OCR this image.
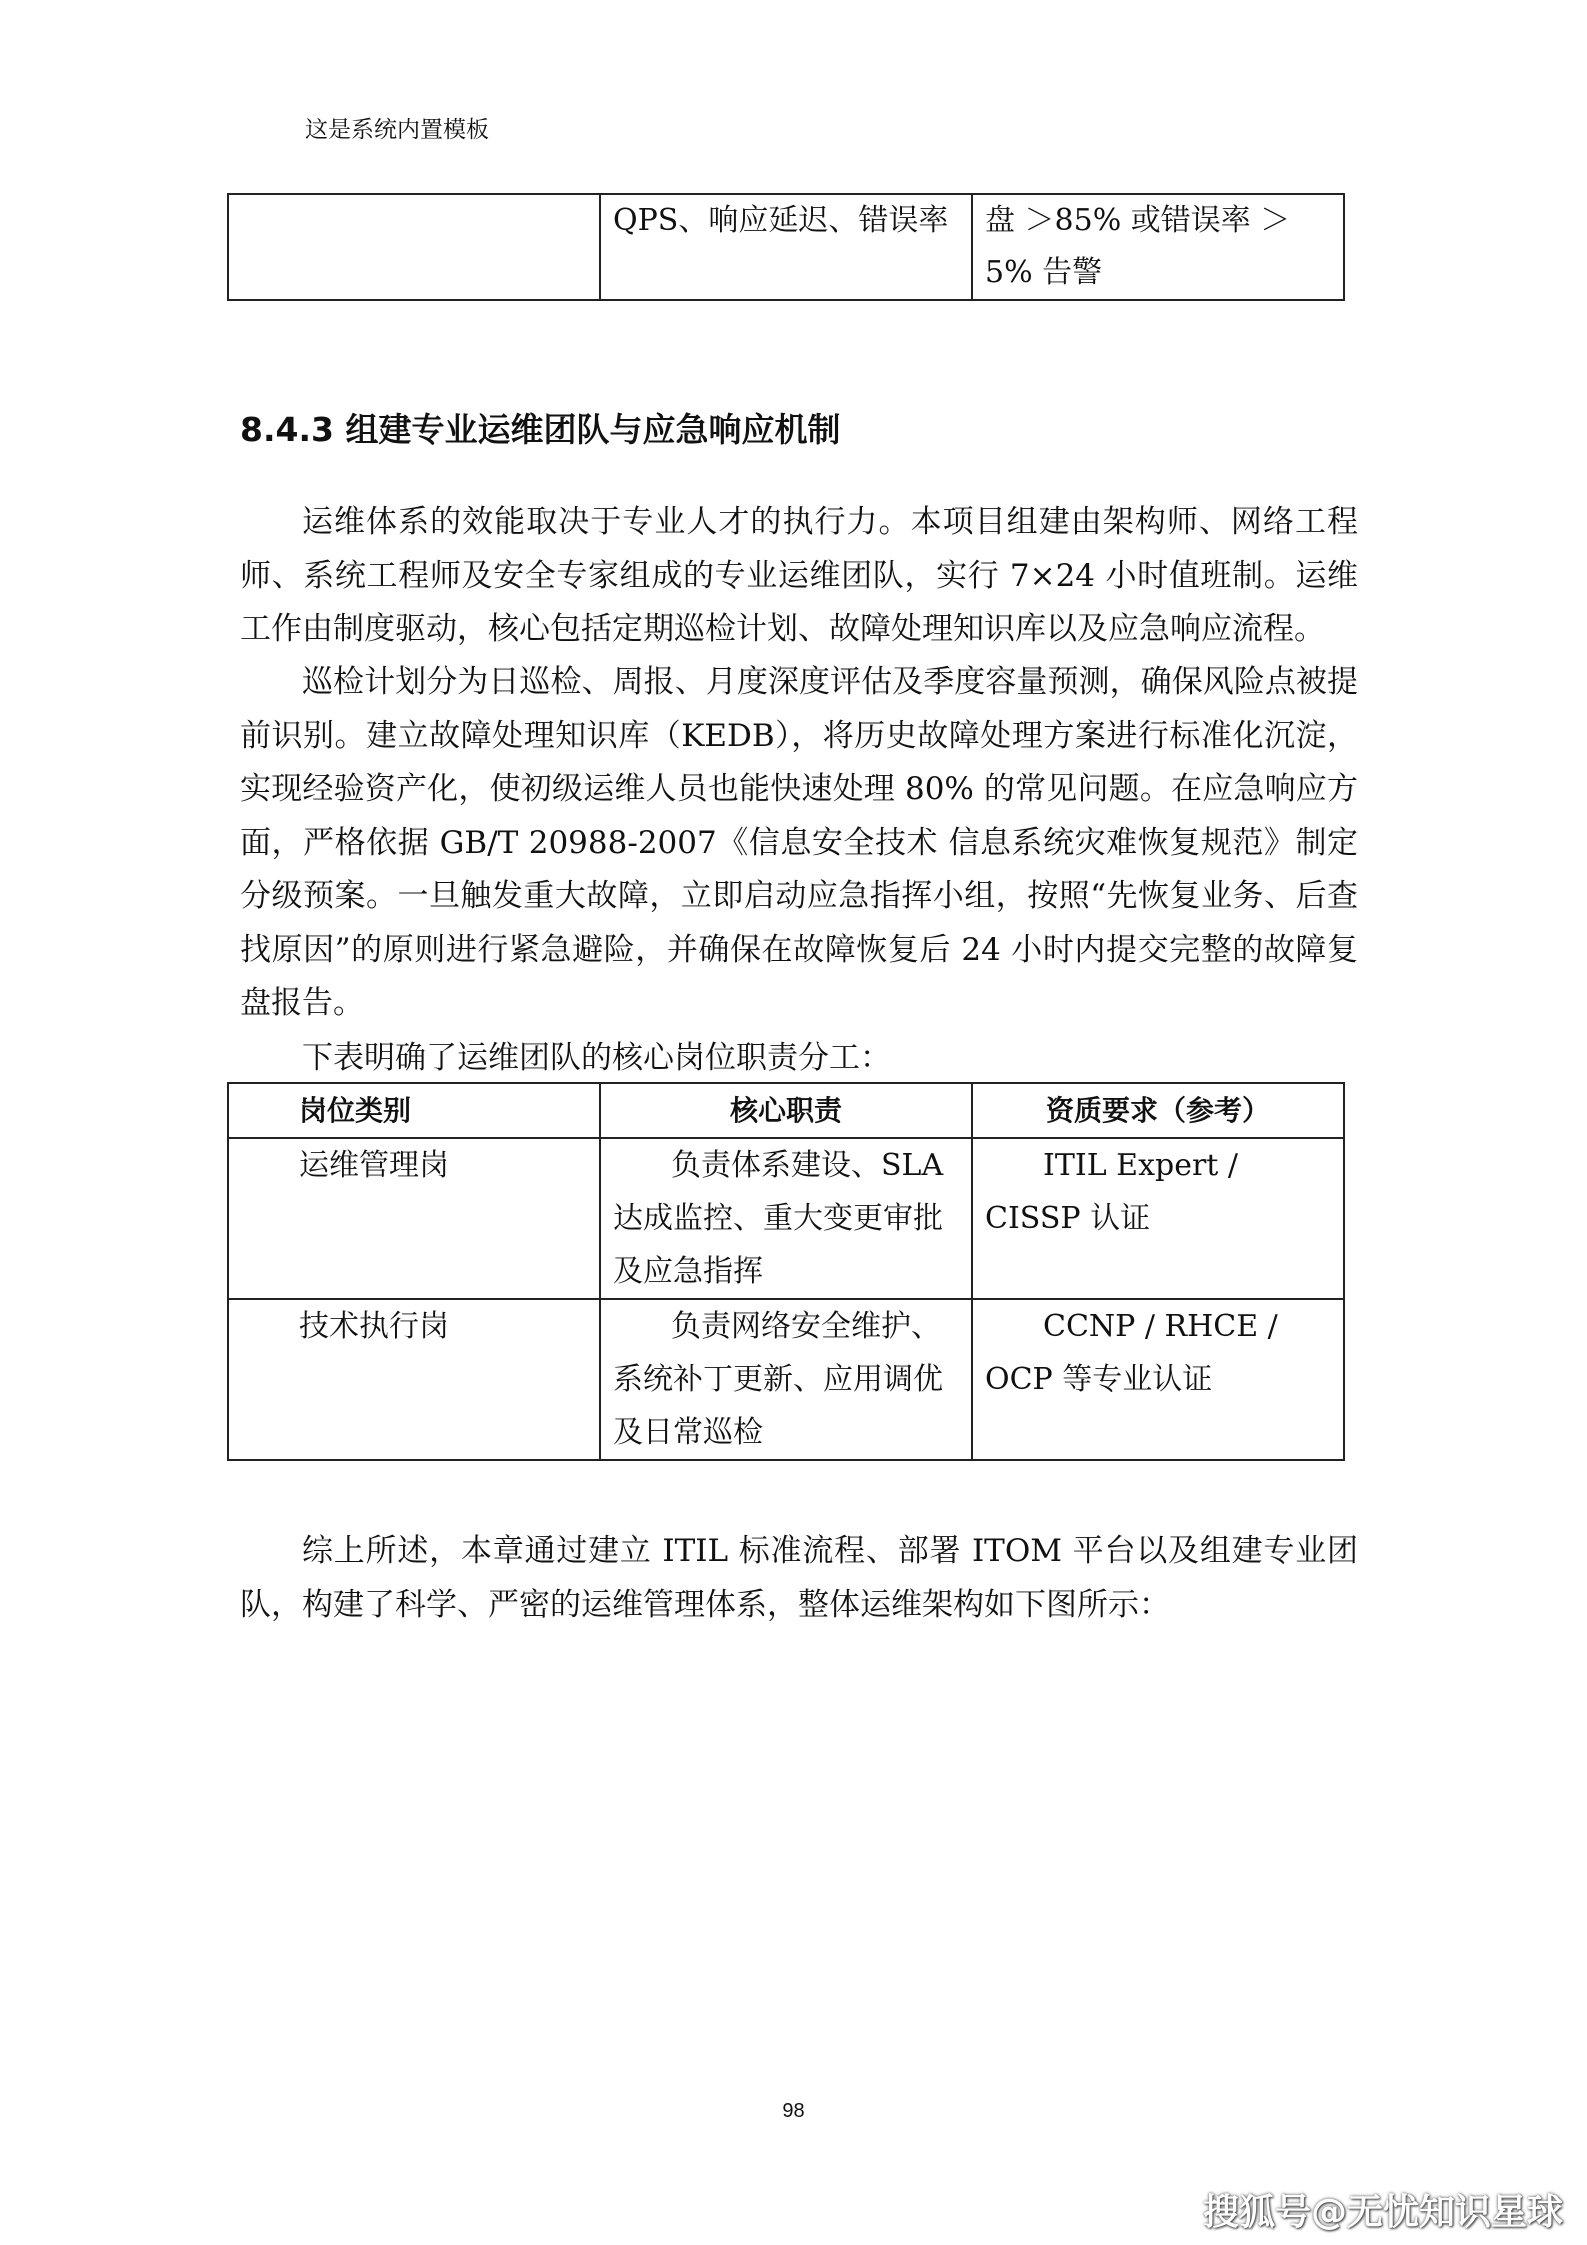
这是系统内置模板
	QPS、响应延迟、错误率	盘 ＞85% 或错误率 ＞5% 告警
8.4.3 组建专业运维团队与应急响应机制

运维体系的效能取决于专业人才的执行力。本项目组建由架构师、网络工程师、系统工程师及安全专家组成的专业运维团队，实行 7×24 小时值班制。运维工作由制度驱动，核心包括定期巡检计划、故障处理知识库以及应急响应流程。

巡检计划分为日巡检、周报、月度深度评估及季度容量预测，确保风险点被提前识别。建立故障处理知识库（KEDB），将历史故障处理方案进行标准化沉淀，实现经验资产化，使初级运维人员也能快速处理 80% 的常见问题。在应急响应方面，严格依据 GB/T 20988-2007《信息安全技术 信息系统灾难恢复规范》制定分级预案。一旦触发重大故障，立即启动应急指挥小组，按照“先恢复业务、后查找原因”的原则进行紧急避险，并确保在故障恢复后 24 小时内提交完整的故障复盘报告。

下表明确了运维团队的核心岗位职责分工：

岗位类别	核心职责	资质要求（参考）
运维管理岗	负责体系建设、SLA 达成监控、重大变更审批及应急指挥	ITIL Expert / CISSP 认证
技术执行岗	负责网络安全维护、系统补丁更新、应用调优及日常巡检	CCNP / RHCE / OCP 等专业认证

综上所述，本章通过建立 ITIL 标准流程、部署 ITOM 平台以及组建专业团队，构建了科学、严密的运维管理体系，整体运维架构如下图所示：

98
搜狐号@无忧知识星球
